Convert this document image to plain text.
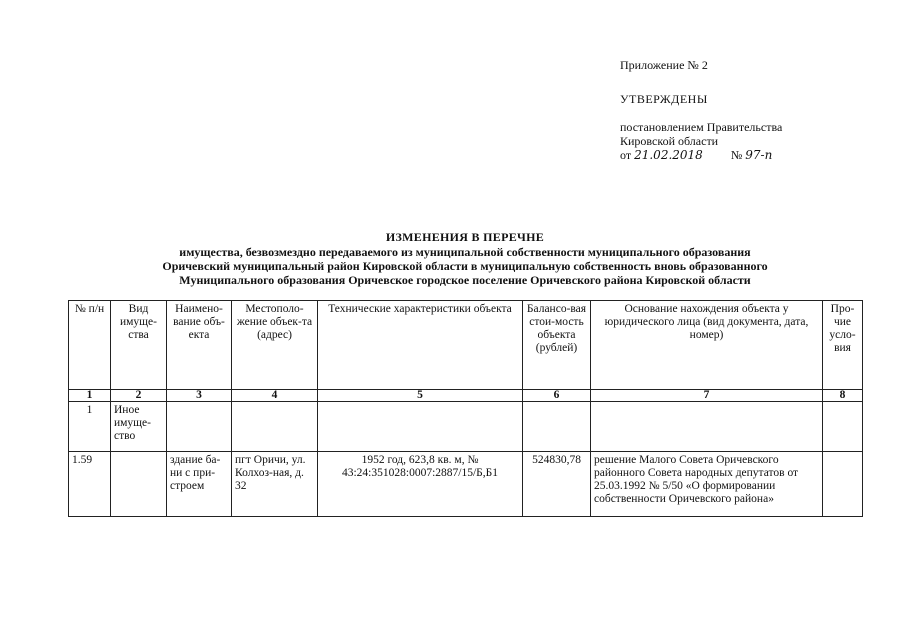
Приложение № 2
УТВЕРЖДЕНЫ
постановлением Правительства
Кировской области
от 21.02.2018 № 97-п
ИЗМЕНЕНИЯ В ПЕРЕЧНЕ
имущества, безвозмездно передаваемого из муниципальной собственности муниципального образования
Оричевский муниципальный район Кировской области в муниципальную собственность вновь образованного
Муниципального образования Оричевское городское поселение Оричевского района Кировской области
№ п/н	Вид имуще-ства	Наимено-вание объ-екта	Местополо-жение объек-та (адрес)	Технические характеристики объекта	Балансо-вая стои-мость объекта (рублей)	Основание нахождения объекта у юридического лица (вид документа, дата, номер)	Про-чие усло-вия
1	2	3	4	5	6	7	8
1	Иное имуще-ство						
1.59		здание ба-ни с при-строем	пгт Оричи, ул. Колхоз-ная, д. 32	1952 год, 623,8 кв. м, № 43:24:351028:0007:2887/15/Б,Б1	524830,78	решение Малого Совета Оричевского районного Совета народных депутатов от 25.03.1992 № 5/50 «О формировании собственности Оричевского района»	
